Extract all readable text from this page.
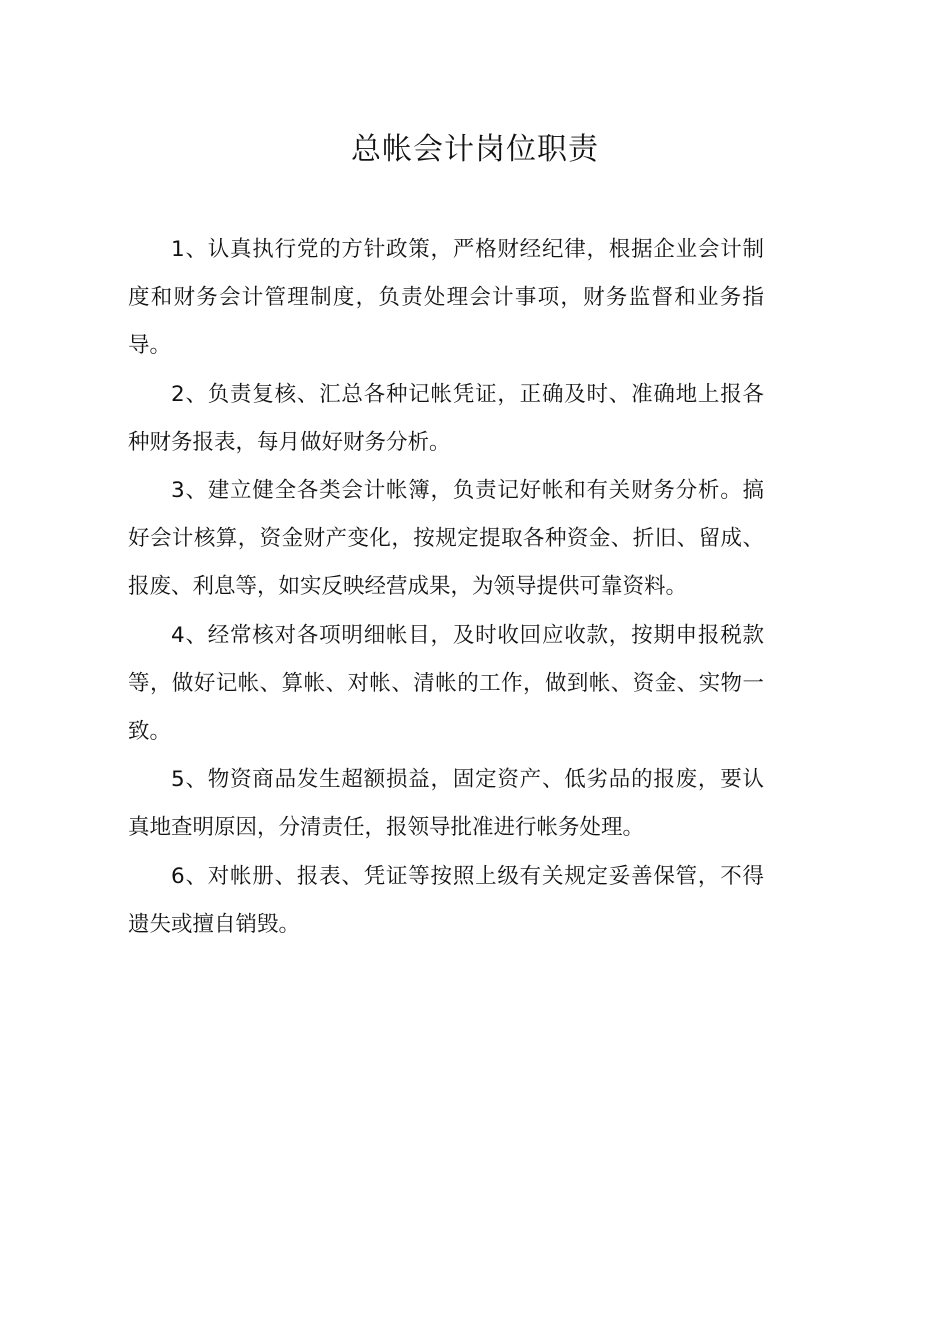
总帐会计岗位职责

1、认真执行党的方针政策，严格财经纪律，根据企业会计制度和财务会计管理制度，负责处理会计事项，财务监督和业务指导。

2、负责复核、汇总各种记帐凭证，正确及时、准确地上报各种财务报表，每月做好财务分析。

3、建立健全各类会计帐簿，负责记好帐和有关财务分析。搞好会计核算，资金财产变化，按规定提取各种资金、折旧、留成、报废、利息等，如实反映经营成果，为领导提供可靠资料。

4、经常核对各项明细帐目，及时收回应收款，按期申报税款等，做好记帐、算帐、对帐、清帐的工作，做到帐、资金、实物一致。

5、物资商品发生超额损益，固定资产、低劣品的报废，要认真地查明原因，分清责任，报领导批准进行帐务处理。

6、对帐册、报表、凭证等按照上级有关规定妥善保管，不得遗失或擅自销毁。
